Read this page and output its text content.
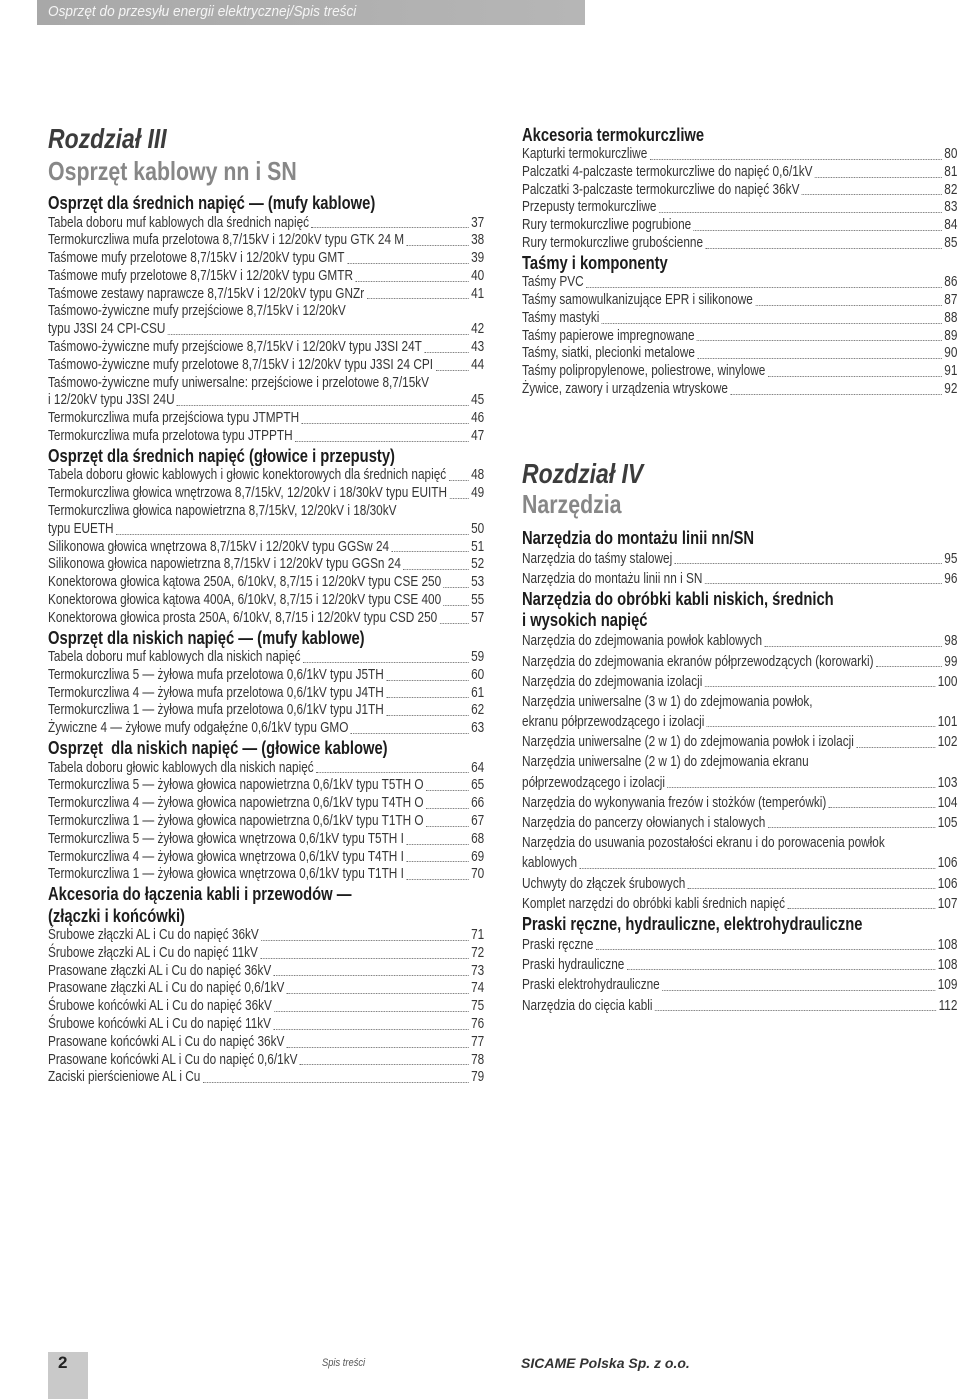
Osprzęt do przesyłu energii elektrycznej/Spis treści
Rozdział III
Osprzęt kablowy nn i SN
Osprzęt dla średnich napięć — (mufy kablowe)
Tabela doboru muf kablowych dla średnich napięć	37
Termokurczliwa mufa przelotowa 8,7/15kV i 12/20kV typu GTK 24 M	38
Taśmowe mufy przelotowe 8,7/15kV i 12/20kV typu GMT	39
Taśmowe mufy przelotowe 8,7/15kV i 12/20kV typu GMTR	40
Taśmowe zestawy naprawcze 8,7/15kV i 12/20kV typu GNZr	41
Taśmowo-żywiczne mufy przejściowe 8,7/15kV i 12/20kV
typu J3SI 24 CPI-CSU	42
Taśmowo-żywiczne mufy przejściowe 8,7/15kV i 12/20kV typu J3SI 24T	43
Taśmowo-żywiczne mufy przelotowe 8,7/15kV i 12/20kV typu J3SI 24 CPI	44
Taśmowo-żywiczne mufy uniwersalne: przejściowe i przelotowe 8,7/15kV
i 12/20kV typu J3SI 24U	45
Termokurczliwa mufa przejściowa typu JTMPTH	46
Termokurczliwa mufa przelotowa typu JTPPTH	47
Osprzęt dla średnich napięć (głowice i przepusty)
Tabela doboru głowic kablowych i głowic konektorowych dla średnich napięć 48
Termokurczliwa głowica wnętrzowa 8,7/15kV, 12/20kV i 18/30kV typu EUITH 49
Termokurczliwa głowica napowietrzna 8,7/15kV, 12/20kV i 18/30kV
typu EUETH	50
Silikonowa głowica wnętrzowa 8,7/15kV i 12/20kV typu GGSw 24	51
Silikonowa głowica napowietrzna 8,7/15kV i 12/20kV typu GGSn 24	52
Konektorowa głowica kątowa 250A, 6/10kV, 8,7/15 i 12/20kV typu CSE 250 53
Konektorowa głowica kątowa 400A, 6/10kV, 8,7/15 i 12/20kV typu CSE 400 55
Konektorowa głowica prosta 250A, 6/10kV, 8,7/15 i 12/20kV typu CSD 250 57
Osprzęt dla niskich napięć — (mufy kablowe)
Tabela doboru muf kablowych dla niskich napięć	59
Termokurczliwa 5 — żyłowa mufa przelotowa 0,6/1kV typu J5TH	60
Termokurczliwa 4 — żyłowa mufa przelotowa 0,6/1kV typu J4TH	61
Termokurczliwa 1 — żyłowa mufa przelotowa 0,6/1kV typu J1TH	62
Żywiczne 4 — żyłowe mufy odgałęźne 0,6/1kV typu GMO	63
Osprzęt  dla niskich napięć — (głowice kablowe)
Tabela doboru głowic kablowych dla niskich napięć	64
Termokurczliwa 5 — żyłowa głowica napowietrzna 0,6/1kV typu T5TH O	65
Termokurczliwa 4 — żyłowa głowica napowietrzna 0,6/1kV typu T4TH O	66
Termokurczliwa 1 — żyłowa głowica napowietrzna 0,6/1kV typu T1TH O	67
Termokurczliwa 5 — żyłowa głowica wnętrzowa 0,6/1kV typu T5TH I	68
Termokurczliwa 4 — żyłowa głowica wnętrzowa 0,6/1kV typu T4TH I	69
Termokurczliwa 1 — żyłowa głowica wnętrzowa 0,6/1kV typu T1TH I	70
Akcesoria do łączenia kabli i przewodów —
(złączki i końcówki)
Śrubowe złączki AL i Cu do napięć 36kV	71
Śrubowe złączki AL i Cu do napięć 11kV	72
Prasowane złączki AL i Cu do napięć 36kV	73
Prasowane złączki AL i Cu do napięć 0,6/1kV	74
Śrubowe końcówki AL i Cu do napięć 36kV	75
Śrubowe końcówki AL i Cu do napięć 11kV	76
Prasowane końcówki AL i Cu do napięć 36kV	77
Prasowane końcówki AL i Cu do napięć 0,6/1kV	78
Zaciski pierścieniowe AL i Cu	79
Akcesoria termokurczliwe
Kapturki termokurczliwe	80
Palczatki 4-palczaste termokurczliwe do napięć 0,6/1kV	81
Palczatki 3-palczaste termokurczliwe do napięć 36kV	82
Przepusty termokurczliwe	83
Rury termokurczliwe pogrubione	84
Rury termokurczliwe grubościenne	85
Taśmy i komponenty
Taśmy PVC	86
Taśmy samowulkanizujące EPR i silikonowe	87
Taśmy mastyki	88
Taśmy papierowe impregnowane	89
Taśmy, siatki, plecionki metalowe	90
Taśmy polipropylenowe, poliestrowe, winylowe	91
Żywice, zawory i urządzenia wtryskowe	92
Rozdział IV
Narzędzia
Narzędzia do montażu linii nn/SN
Narzędzia do taśmy stalowej	95
Narzędzia do montażu linii nn i SN	96
Narzędzia do obróbki kabli niskich, średnich
i wysokich napięć
Narzędzia do zdejmowania powłok kablowych	98
Narzędzia do zdejmowania ekranów półprzewodzących (korowarki)	99
Narzędzia do zdejmowania izolacji	100
Narzędzia uniwersalne (3 w 1) do zdejmowania powłok,
ekranu półprzewodzącego i izolacji	101
Narzędzia uniwersalne (2 w 1) do zdejmowania powłok i izolacji	102
Narzędzia uniwersalne (2 w 1) do zdejmowania ekranu
półprzewodzącego i izolacji	103
Narzędzia do wykonywania frezów i stożków (temperówki)	104
Narzędzia do pancerzy ołowianych i stalowych	105
Narzędzia do usuwania pozostałości ekranu i do porowacenia powłok
kablowych	106
Uchwyty do złączek śrubowych	106
Komplet narzędzi do obróbki kabli średnich napięć	107
Praski ręczne, hydrauliczne, elektrohydrauliczne
Praski ręczne	108
Praski hydrauliczne	108
Praski elektrohydrauliczne	109
Narzędzia do cięcia kabli	112
2	Spis treści	SICAME Polska Sp. z o.o.
